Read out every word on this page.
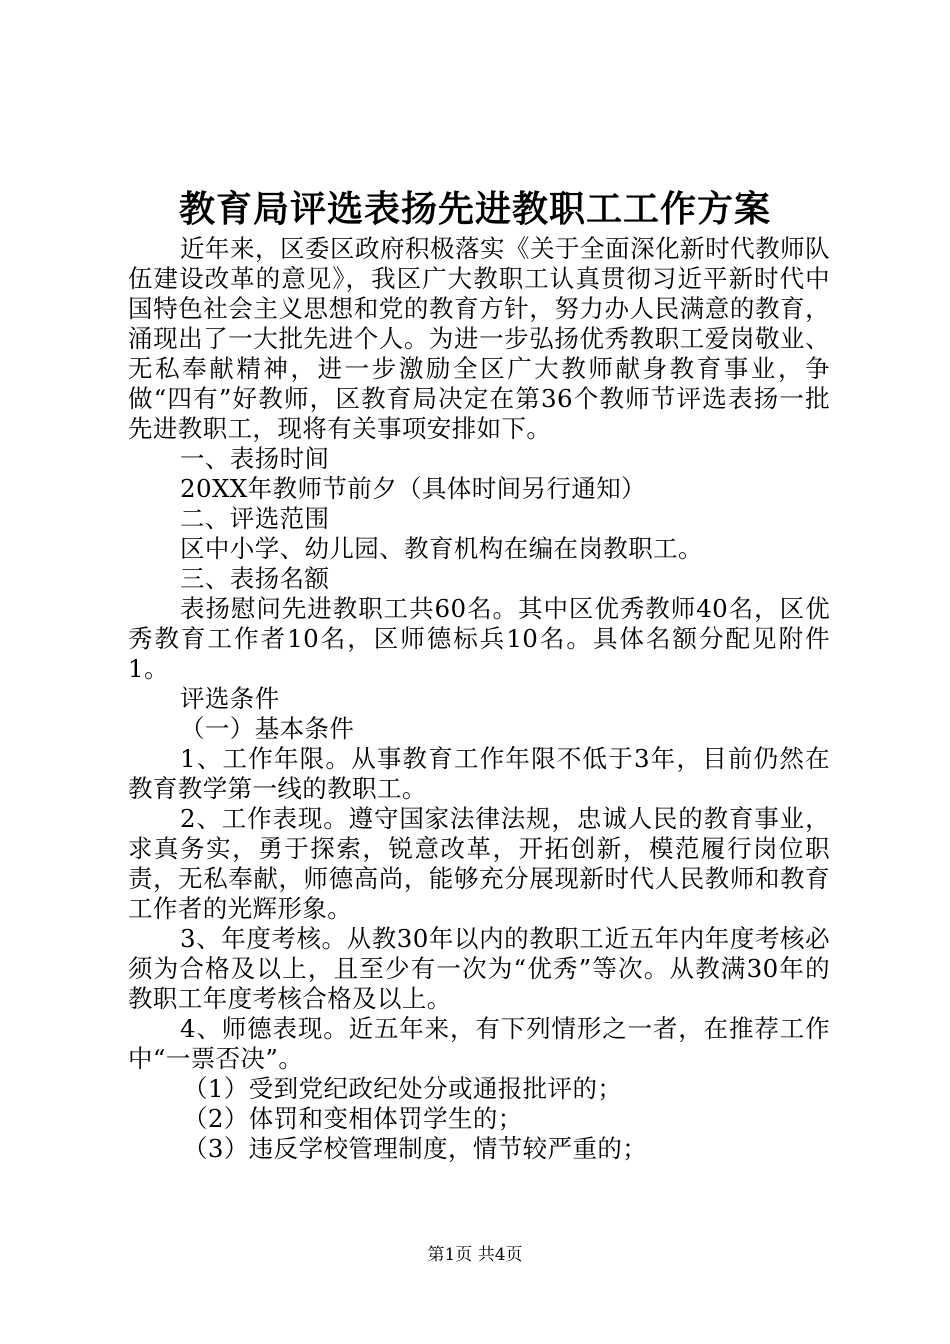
教育局评选表扬先进教职工工作方案

近年来，区委区政府积极落实《关于全面深化新时代教师队伍建设改革的意见》，我区广大教职工认真贯彻习近平新时代中国特色社会主义思想和党的教育方针，努力办人民满意的教育，涌现出了一大批先进个人。为进一步弘扬优秀教职工爱岗敬业、无私奉献精神，进一步激励全区广大教师献身教育事业，争做“四有”好教师，区教育局决定在第36个教师节评选表扬一批先进教职工，现将有关事项安排如下。

一、表扬时间

20XX年教师节前夕（具体时间另行通知）

二、评选范围

区中小学、幼儿园、教育机构在编在岗教职工。

三、表扬名额

表扬慰问先进教职工共60名。其中区优秀教师40名，区优秀教育工作者10名，区师德标兵10名。具体名额分配见附件1。

评选条件

（一）基本条件

1、工作年限。从事教育工作年限不低于3年，目前仍然在教育教学第一线的教职工。

2、工作表现。遵守国家法律法规，忠诚人民的教育事业，求真务实，勇于探索，锐意改革，开拓创新，模范履行岗位职责，无私奉献，师德高尚，能够充分展现新时代人民教师和教育工作者的光辉形象。

3、年度考核。从教30年以内的教职工近五年内年度考核必须为合格及以上，且至少有一次为“优秀”等次。从教满30年的教职工年度考核合格及以上。

4、师德表现。近五年来，有下列情形之一者，在推荐工作中“一票否决”。

（1）受到党纪政纪处分或通报批评的；

（2）体罚和变相体罚学生的；

（3）违反学校管理制度，情节较严重的；

第1页 共4页
